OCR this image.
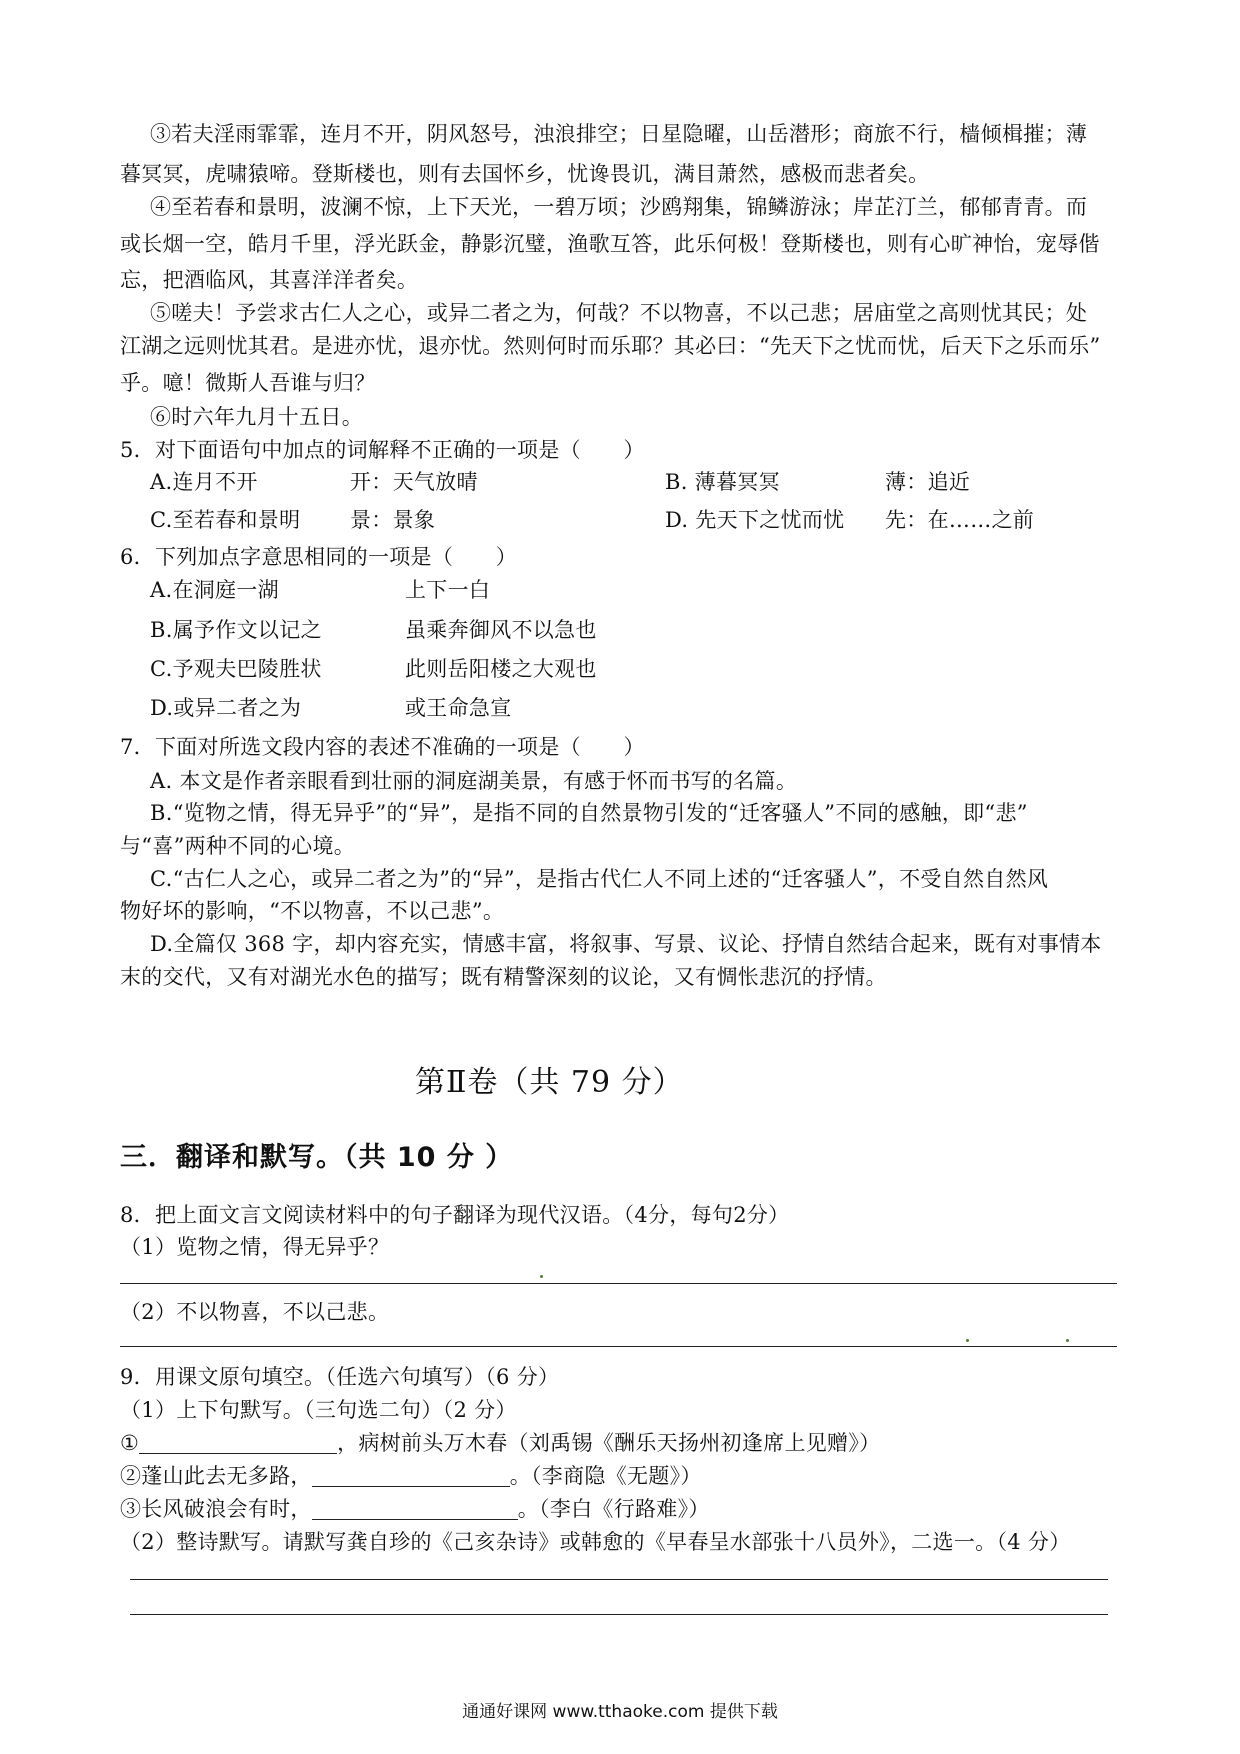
③若夫淫雨霏霏，连月不开，阴风怒号，浊浪排空；日星隐曜，山岳潜形；商旅不行，樯倾楫摧；薄
暮冥冥，虎啸猿啼。登斯楼也，则有去国怀乡，忧谗畏讥，满目萧然，感极而悲者矣。
④至若春和景明，波澜不惊，上下天光，一碧万顷；沙鸥翔集，锦鳞游泳；岸芷汀兰，郁郁青青。而
或长烟一空，皓月千里，浮光跃金，静影沉璧，渔歌互答，此乐何极！登斯楼也，则有心旷神怡，宠辱偕
忘，把酒临风，其喜洋洋者矣。
⑤嗟夫！予尝求古仁人之心，或异二者之为，何哉？不以物喜，不以己悲；居庙堂之高则忧其民；处
江湖之远则忧其君。是进亦忧，退亦忧。然则何时而乐耶？其必曰：“先天下之忧而忧，后天下之乐而乐”
乎。噫！微斯人吾谁与归？
⑥时六年九月十五日。
5．对下面语句中加点的词解释不正确的一项是（　　）
A.连月不开	开：天气放晴	B. 薄暮冥冥	薄：追近
C.至若春和景明 景：景象	D. 先天下之忧而忧 先：在……之前
6．下列加点字意思相同的一项是（　　）
A.在洞庭一湖	上下一白
B.属予作文以记之	虽乘奔御风不以急也
C.予观夫巴陵胜状	此则岳阳楼之大观也
D.或异二者之为	或王命急宣
7．下面对所选文段内容的表述不准确的一项是（　　）
A. 本文是作者亲眼看到壮丽的洞庭湖美景，有感于怀而书写的名篇。
B.“览物之情，得无异乎”的“异”，是指不同的自然景物引发的“迁客骚人”不同的感触，即“悲”
与“喜”两种不同的心境。
C.“古仁人之心，或异二者之为”的“异”，是指古代仁人不同上述的“迁客骚人”，不受自然自然风
物好坏的影响，“不以物喜，不以己悲”。
D.全篇仅 368 字，却内容充实，情感丰富，将叙事、写景、议论、抒情自然结合起来，既有对事情本
末的交代，又有对湖光水色的描写；既有精警深刻的议论，又有惆怅悲沉的抒情。
第Ⅱ卷（共 79 分）
三．翻译和默写。（共 10 分 ）
8．把上面文言文阅读材料中的句子翻译为现代汉语。（4分，每句2分）
（1）览物之情，得无异乎？
（2）不以物喜，不以己悲。
9．用课文原句填空。（任选六句填写）（6 分）
（1）上下句默写。（三句选二句）（2 分）
①	，病树前头万木春（刘禹锡《酬乐天扬州初逢席上见赠》）
②蓬山此去无多路，	。（李商隐《无题》）
③长风破浪会有时，	。（李白《行路难》）
（2）整诗默写。请默写龚自珍的《己亥杂诗》或韩愈的《早春呈水部张十八员外》，二选一。（4 分）
通通好课网 www.tthaoke.com 提供下载
